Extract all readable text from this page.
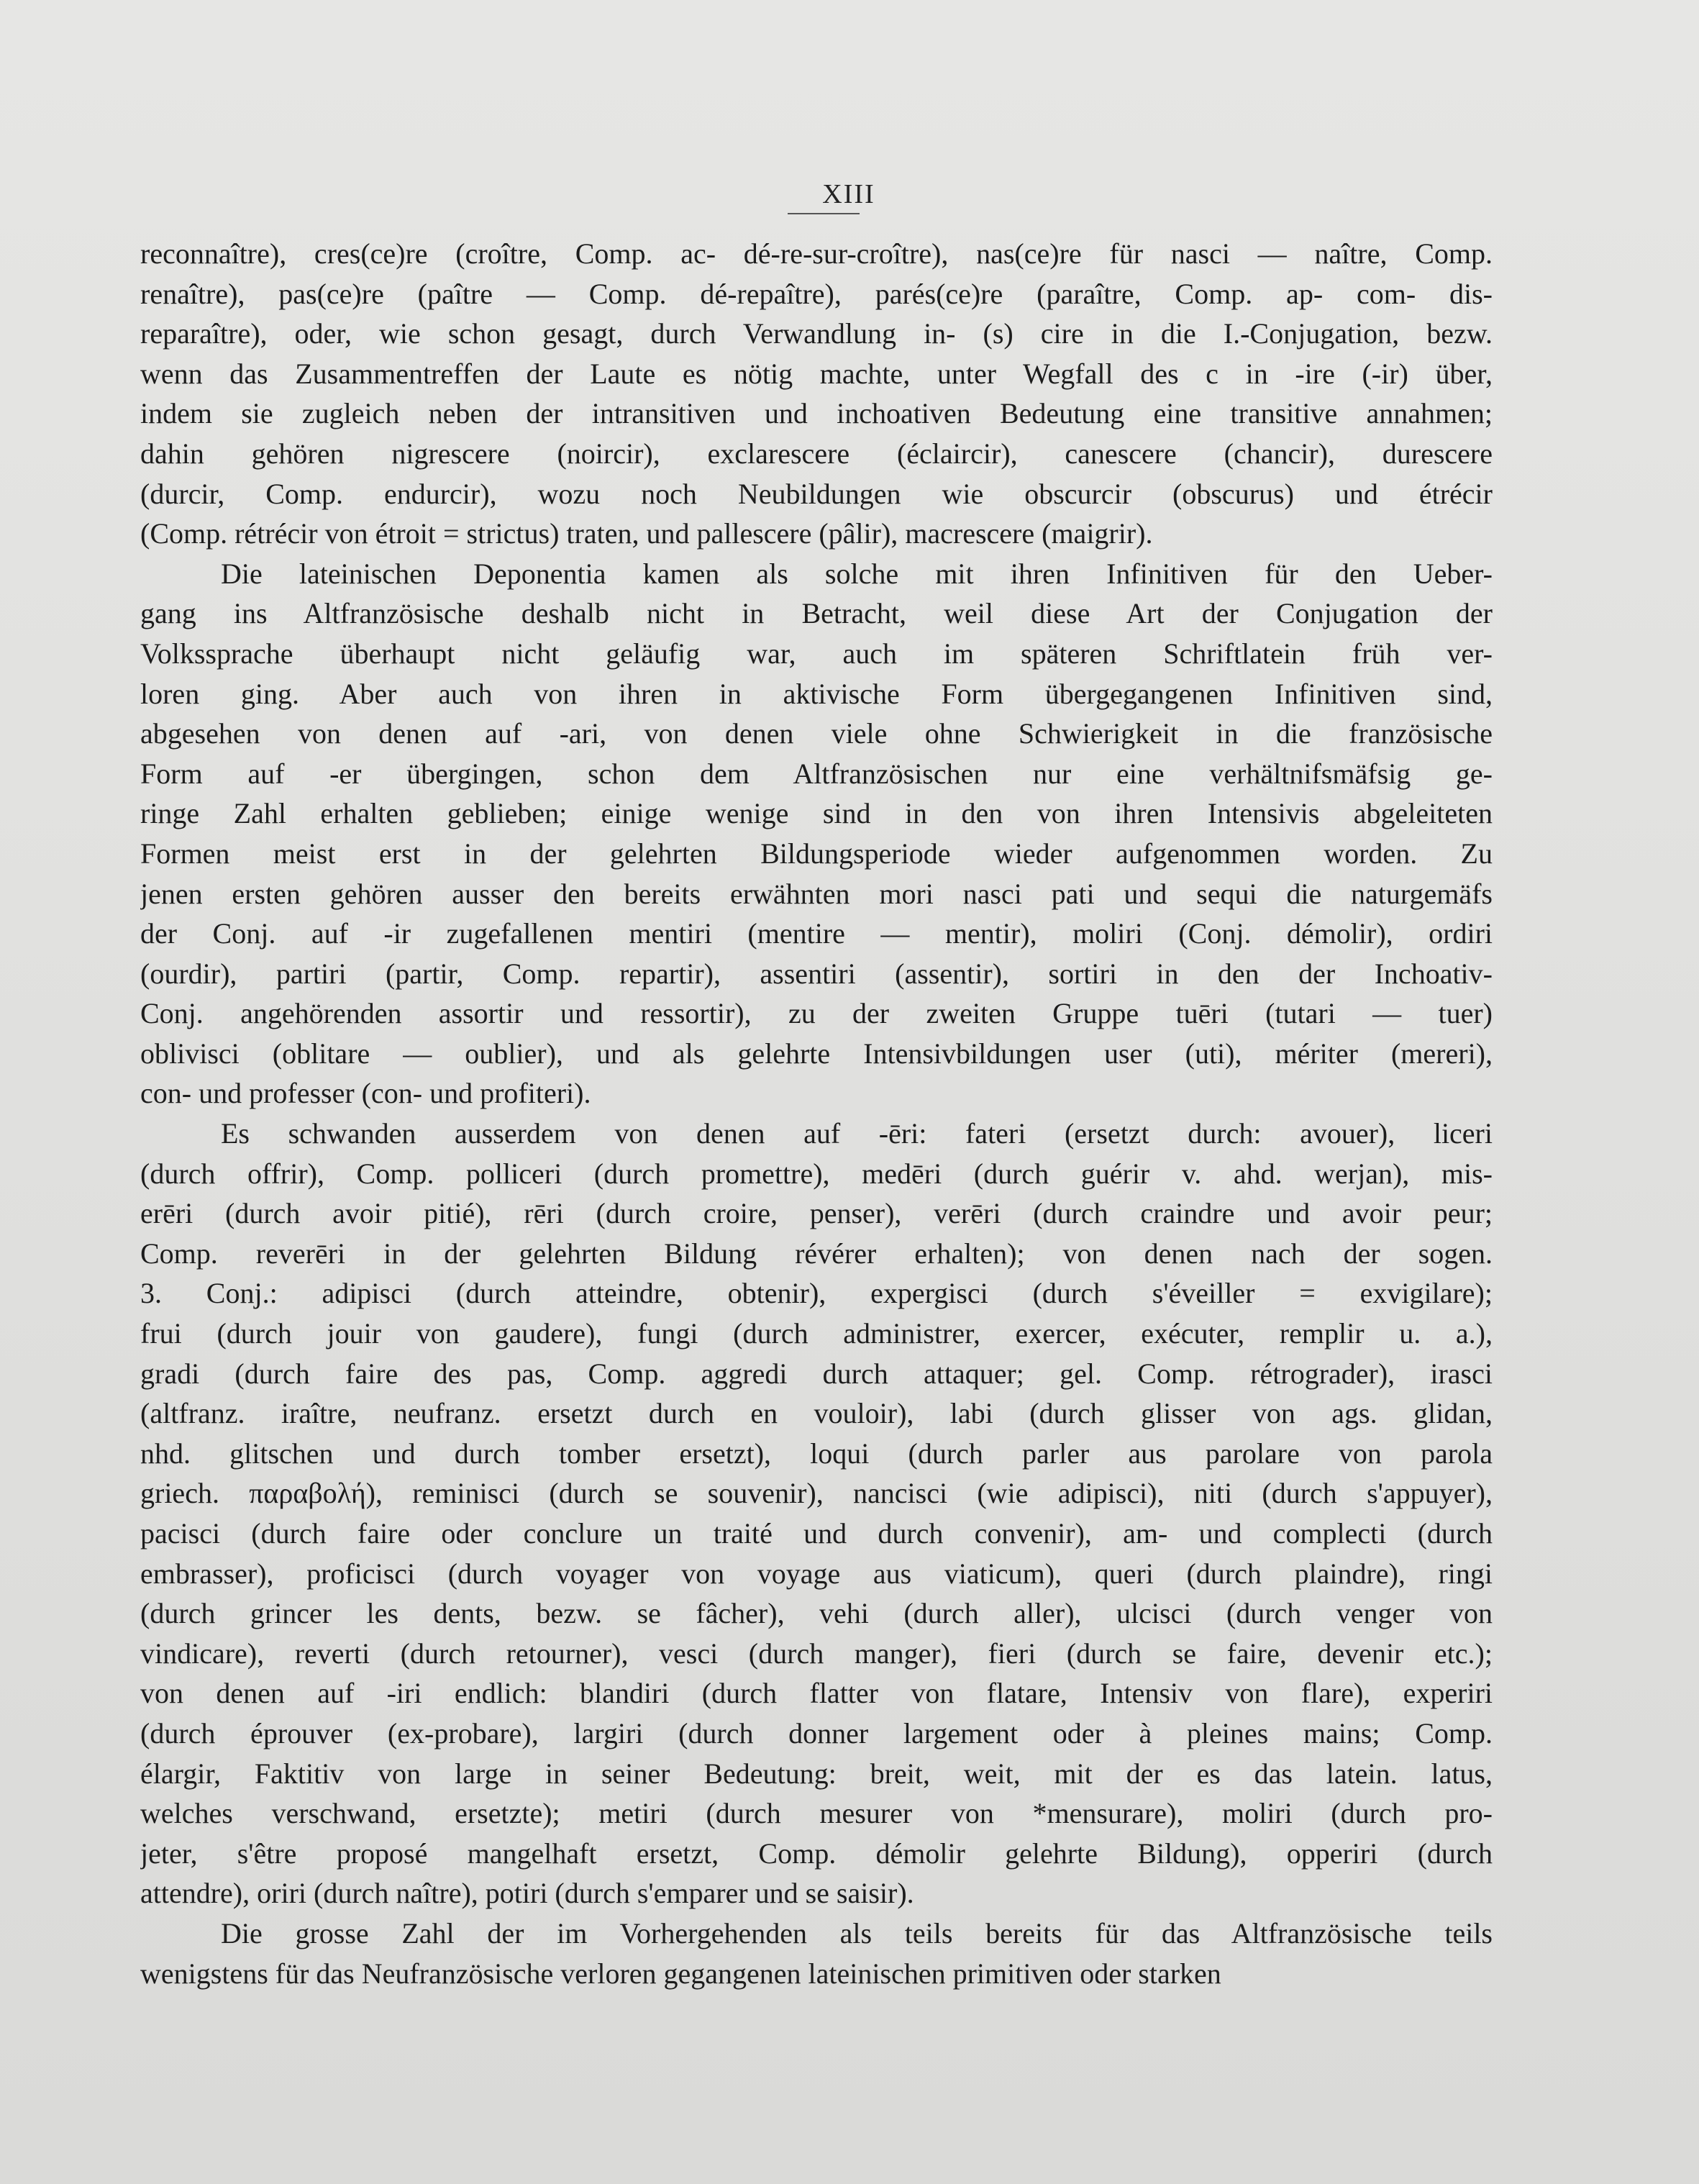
XIII
reconnaître), cres(ce)re (croître, Comp. ac- dé-re-sur-croître), nas(ce)re für nasci — naître, Comp.
renaître), pas(ce)re (paître — Comp. dé-repaître), parés(ce)re (paraître, Comp. ap- com- dis-
reparaître), oder, wie schon gesagt, durch Verwandlung in- (s) cire in die I.-Conjugation, bezw.
wenn das Zusammentreffen der Laute es nötig machte, unter Wegfall des c in -ire (-ir) über,
indem sie zugleich neben der intransitiven und inchoativen Bedeutung eine transitive annahmen;
dahin gehören nigrescere (noircir), exclarescere (éclaircir), canescere (chancir), durescere
(durcir, Comp. endurcir), wozu noch Neubildungen wie obscurcir (obscurus) und étrécir
(Comp. rétrécir von étroit = strictus) traten, und pallescere (pâlir), macrescere (maigrir).
Die lateinischen Deponentia kamen als solche mit ihren Infinitiven für den Ueber-
gang ins Altfranzösische deshalb nicht in Betracht, weil diese Art der Conjugation der
Volkssprache überhaupt nicht geläufig war, auch im späteren Schriftlatein früh ver-
loren ging. Aber auch von ihren in aktivische Form übergegangenen Infinitiven sind,
abgesehen von denen auf -ari, von denen viele ohne Schwierigkeit in die französische
Form auf -er übergingen, schon dem Altfranzösischen nur eine verhältnifsmäfsig ge-
ringe Zahl erhalten geblieben; einige wenige sind in den von ihren Intensivis abgeleiteten
Formen meist erst in der gelehrten Bildungsperiode wieder aufgenommen worden. Zu
jenen ersten gehören ausser den bereits erwähnten mori nasci pati und sequi die naturgemäfs
der Conj. auf -ir zugefallenen mentiri (mentire — mentir), moliri (Conj. démolir), ordiri
(ourdir), partiri (partir, Comp. repartir), assentiri (assentir), sortiri in den der Inchoativ-
Conj. angehörenden assortir und ressortir), zu der zweiten Gruppe tuēri (tutari — tuer)
oblivisci (oblitare — oublier), und als gelehrte Intensivbildungen user (uti), mériter (mereri),
con- und professer (con- und profiteri).
Es schwanden ausserdem von denen auf -ēri: fateri (ersetzt durch: avouer), liceri
(durch offrir), Comp. polliceri (durch promettre), medēri (durch guérir v. ahd. werjan), mis-
erēri (durch avoir pitié), rēri (durch croire, penser), verēri (durch craindre und avoir peur;
Comp. reverēri in der gelehrten Bildung révérer erhalten); von denen nach der sogen.
3. Conj.: adipisci (durch atteindre, obtenir), expergisci (durch s'éveiller = exvigilare);
frui (durch jouir von gaudere), fungi (durch administrer, exercer, exécuter, remplir u. a.),
gradi (durch faire des pas, Comp. aggredi durch attaquer; gel. Comp. rétrograder), irasci
(altfranz. iraître, neufranz. ersetzt durch en vouloir), labi (durch glisser von ags. glidan,
nhd. glitschen und durch tomber ersetzt), loqui (durch parler aus parolare von parola
griech. παραβολή), reminisci (durch se souvenir), nancisci (wie adipisci), niti (durch s'appuyer),
pacisci (durch faire oder conclure un traité und durch convenir), am- und complecti (durch
embrasser), proficisci (durch voyager von voyage aus viaticum), queri (durch plaindre), ringi
(durch grincer les dents, bezw. se fâcher), vehi (durch aller), ulcisci (durch venger von
vindicare), reverti (durch retourner), vesci (durch manger), fieri (durch se faire, devenir etc.);
von denen auf -iri endlich: blandiri (durch flatter von flatare, Intensiv von flare), experiri
(durch éprouver (ex-probare), largiri (durch donner largement oder à pleines mains; Comp.
élargir, Faktitiv von large in seiner Bedeutung: breit, weit, mit der es das latein. latus,
welches verschwand, ersetzte); metiri (durch mesurer von *mensurare), moliri (durch pro-
jeter, s'être proposé mangelhaft ersetzt, Comp. démolir gelehrte Bildung), opperiri (durch
attendre), oriri (durch naître), potiri (durch s'emparer und se saisir).
Die grosse Zahl der im Vorhergehenden als teils bereits für das Altfranzösische teils
wenigstens für das Neufranzösische verloren gegangenen lateinischen primitiven oder starken
